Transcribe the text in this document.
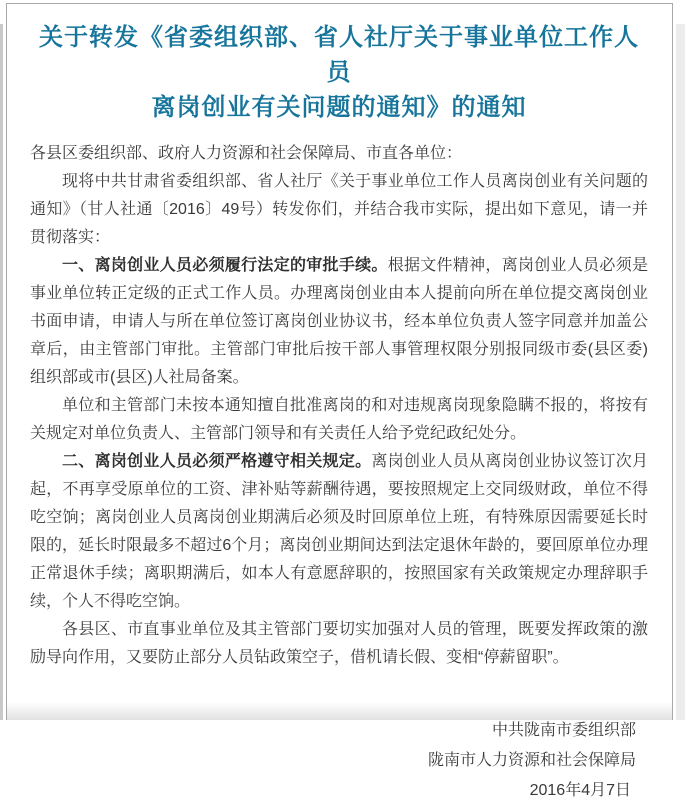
关于转发《省委组织部、省人社厅关于事业单位工作人员
离岗创业有关问题的通知》的通知

各县区委组织部、政府人力资源和社会保障局、市直各单位：

现将中共甘肃省委组织部、省人社厅《关于事业单位工作人员离岗创业有关问题的通知》（甘人社通〔2016〕49号）转发你们，并结合我市实际，提出如下意见，请一并贯彻落实：

一、离岗创业人员必须履行法定的审批手续。根据文件精神，离岗创业人员必须是事业单位转正定级的正式工作人员。办理离岗创业由本人提前向所在单位提交离岗创业书面申请，申请人与所在单位签订离岗创业协议书，经本单位负责人签字同意并加盖公章后，由主管部门审批。主管部门审批后按干部人事管理权限分别报同级市委(县区委)组织部或市(县区)人社局备案。

单位和主管部门未按本通知擅自批准离岗的和对违规离岗现象隐瞒不报的，将按有关规定对单位负责人、主管部门领导和有关责任人给予党纪政纪处分。

二、离岗创业人员必须严格遵守相关规定。离岗创业人员从离岗创业协议签订次月起，不再享受原单位的工资、津补贴等薪酬待遇，要按照规定上交同级财政，单位不得吃空饷；离岗创业人员离岗创业期满后必须及时回原单位上班，有特殊原因需要延长时限的，延长时限最多不超过6个月；离岗创业期间达到法定退休年龄的，要回原单位办理正常退休手续；离职期满后，如本人有意愿辞职的，按照国家有关政策规定办理辞职手续，个人不得吃空饷。

各县区、市直事业单位及其主管部门要切实加强对人员的管理，既要发挥政策的激励导向作用，又要防止部分人员钻政策空子，借机请长假、变相“停薪留职”。

中共陇南市委组织部
陇南市人力资源和社会保障局
2016年4月7日
